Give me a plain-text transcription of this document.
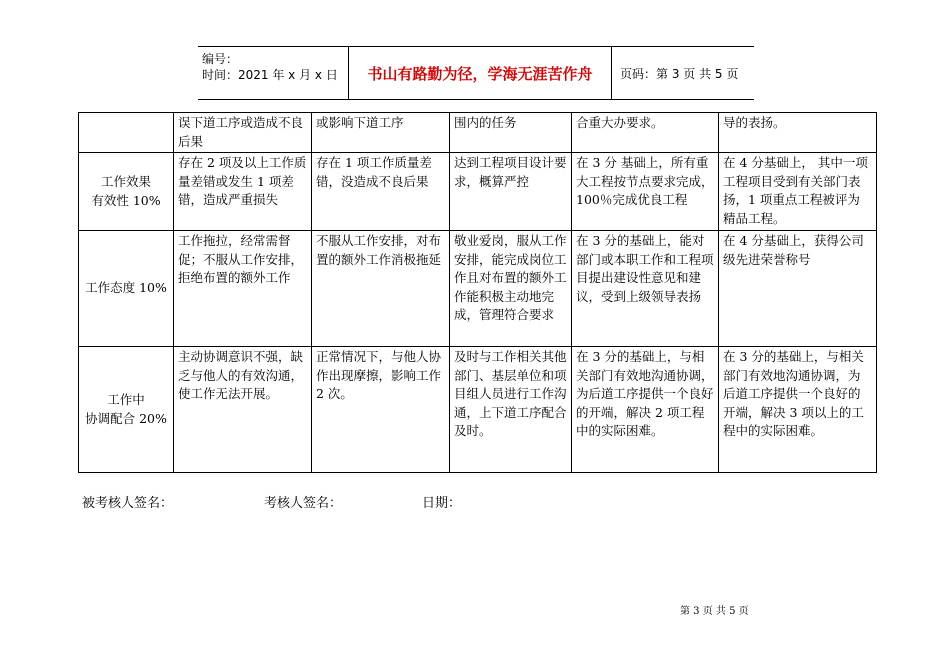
编号：
时间：2021 年 x 月 x 日	书山有路勤为径，学海无涯苦作舟	页码：第 3 页 共 5 页
	误下道工序或造成不良后果	或影响下道工序	围内的任务	合重大办要求。	导的表扬。
工作效果
有效性 10%	存在 2 项及以上工作质量差错或发生 1 项差错，造成严重损失	存在 1 项工作质量差错，没造成不良后果	达到工程项目设计要求，概算严控	在 3 分 基础上，所有重大工程按节点要求完成，100％完成优良工程	在 4 分基础上， 其中一项工程项目受到有关部门表扬，1 项重点工程被评为精品工程。
工作态度 10%	工作拖拉，经常需督促；不服从工作安排，拒绝布置的额外工作	不服从工作安排，对布置的额外工作消极拖延	敬业爱岗，服从工作安排，能完成岗位工作且对布置的额外工作能积极主动地完成，管理符合要求	在 3 分的基础上，能对部门或本职工作和工程项目提出建设性意见和建议，受到上级领导表扬	在 4 分基础上，获得公司级先进荣誉称号
工作中
协调配合 20%	主动协调意识不强，缺乏与他人的有效沟通，使工作无法开展。	正常情况下，与他人协作出现摩擦，影响工作 2 次。	及时与工作相关其他部门、基层单位和项目组人员进行工作沟通，上下道工序配合及时。	在 3 分的基础上，与相关部门有效地沟通协调，为后道工序提供一个良好的开端，解决 2 项工程中的实际困难。	在 3 分的基础上，与相关部门有效地沟通协调，为后道工序提供一个良好的开端，解决 3 项以上的工程中的实际困难。
被考核人签名：	考核人签名：	日期：
第 3 页 共 5 页
